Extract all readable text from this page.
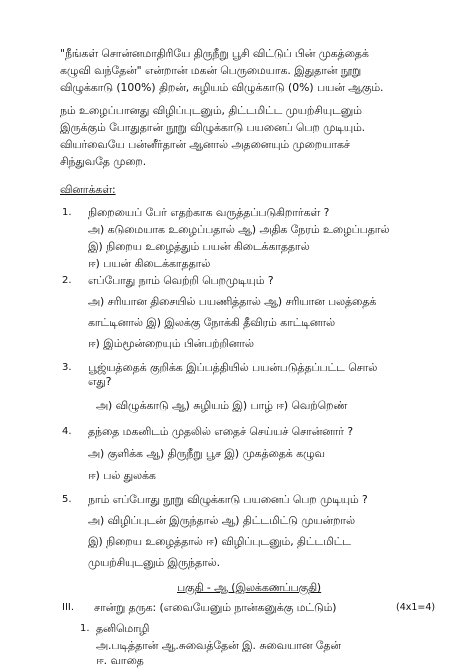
"நீங்கள் சொன்னமாதிரியே திருநீறு பூசி விட்டுப் பின் முகத்தைக்
கழுவி வந்தேன்" என்றான் மகன் பெருமையாக. இதுதான் நூறு
விழுக்காடு (100%) திறன், சுழியம் விழுக்காடு (0%) பயன் ஆகும்.
நம் உழைப்பானது விழிப்புடனும், திட்டமிட்ட முயற்சியுடனும்
இருக்கும் போதுதான் நூறு விழுக்காடு பயனைப் பெற முடியும்.
வியர்வையே பன்னீர்தான் ஆனால் அதனையும் முறையாகச்
சிந்துவதே முறை.
வினாக்கள்:
1. நிறையைப் பேர் எதற்காக வருத்தப்படுகிறார்கள் ?
அ) கடுமையாக உழைப்பதால் ஆ) அதிக நேரம் உழைப்பதால்
இ) நிறைய உழைத்தும் பயன் கிடைக்காததால்
ஈ) பயன் கிடைக்காததால்
2. எப்போது நாம் வெற்றி பெறமுடியும் ?
அ) சரியான திசையில் பயணித்தால் ஆ) சரியான பலத்தைக்
காட்டினால் இ) இலக்கு நோக்கி தீவிரம் காட்டினால்
ஈ) இம்மூன்றையும் பின்பற்றினால்
3. பூஜ்யத்தைக் குறிக்க இப்பத்தியில் பயன்படுத்தப்பட்ட சொல்
எது?
அ) விழுக்காடு ஆ) சுழியம் இ) பாழ் ஈ) வெற்றெண்
4. தந்தை மகனிடம் முதலில் எதைச் செய்யச் சொன்னார் ?
அ) குளிக்க ஆ) திருநீறு பூச இ) முகத்தைக் கழுவ
ஈ) பல் துலக்க
5. நாம் எப்போது நூறு விழுக்காடு பயனைப் பெற முடியும் ?
அ) விழிப்புடன் இருந்தால் ஆ) திட்டமிட்டு முயன்றால்
இ) நிறைய உழைத்தால் ஈ) விழிப்புடனும், திட்டமிட்ட
முயற்சியுடனும் இருந்தால்.
பகுதி - ஆ (இலக்கணப்பகுதி)
III. சான்று தருக: (எவையேனும் நான்கனுக்கு மட்டும்)	(4x1=4)
1. தனிமொழி
அ.படித்தான் ஆ.சுவைத்தேன் இ. சுவையான தேன்
ஈ. வாதை
